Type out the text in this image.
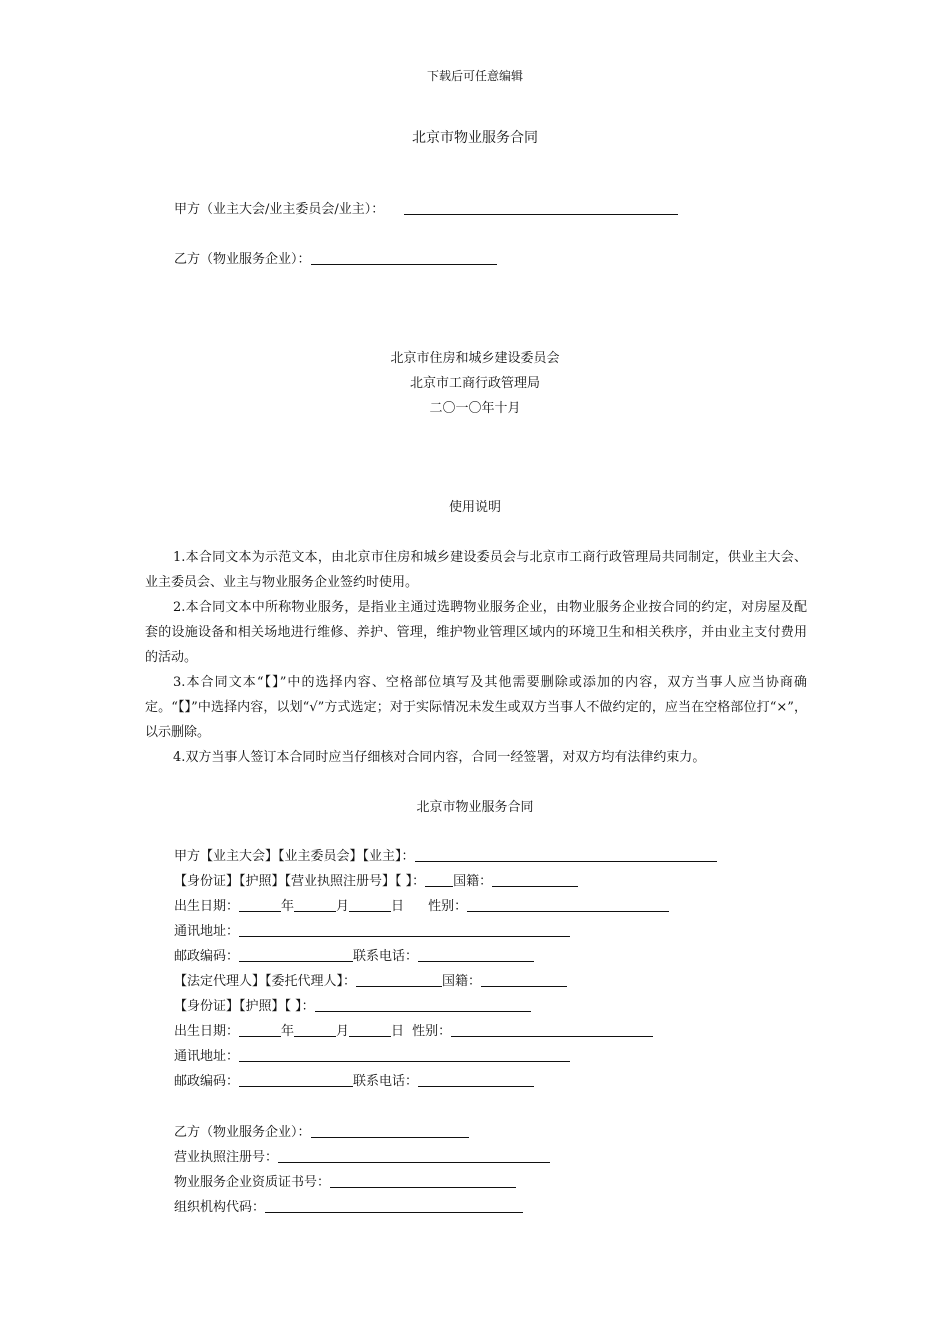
下载后可任意编辑
北京市物业服务合同
甲方（业主大会/业主委员会/业主）：
乙方（物业服务企业）：
北京市住房和城乡建设委员会
北京市工商行政管理局
二〇一〇年十月
使用说明
1.本合同文本为示范文本，由北京市住房和城乡建设委员会与北京市工商行政管理局共同制定，供业主大会、业主委员会、业主与物业服务企业签约时使用。
2.本合同文本中所称物业服务，是指业主通过选聘物业服务企业，由物业服务企业按合同的约定，对房屋及配套的设施设备和相关场地进行维修、养护、管理，维护物业管理区域内的环境卫生和相关秩序，并由业主支付费用的活动。
3.本合同文本“【】”中的选择内容、空格部位填写及其他需要删除或添加的内容，双方当事人应当协商确定。“【】”中选择内容，以划“√”方式选定；对于实际情况未发生或双方当事人不做约定的，应当在空格部位打“×”，以示删除。
4.双方当事人签订本合同时应当仔细核对合同内容，合同一经签署，对双方均有法律约束力。
北京市物业服务合同
甲方【业主大会】【业主委员会】【业主】：
【身份证】【护照】【营业执照注册号】【 】： 国籍：
出生日期：	年	月	日 性别：
通讯地址：
邮政编码：	联系电话：
【法定代理人】【委托代理人】：	国籍：
【身份证】【护照】【 】：
出生日期：	年	月	日 性别：
通讯地址：
邮政编码：	联系电话：
乙方（物业服务企业）：
营业执照注册号：
物业服务企业资质证书号：
组织机构代码：
